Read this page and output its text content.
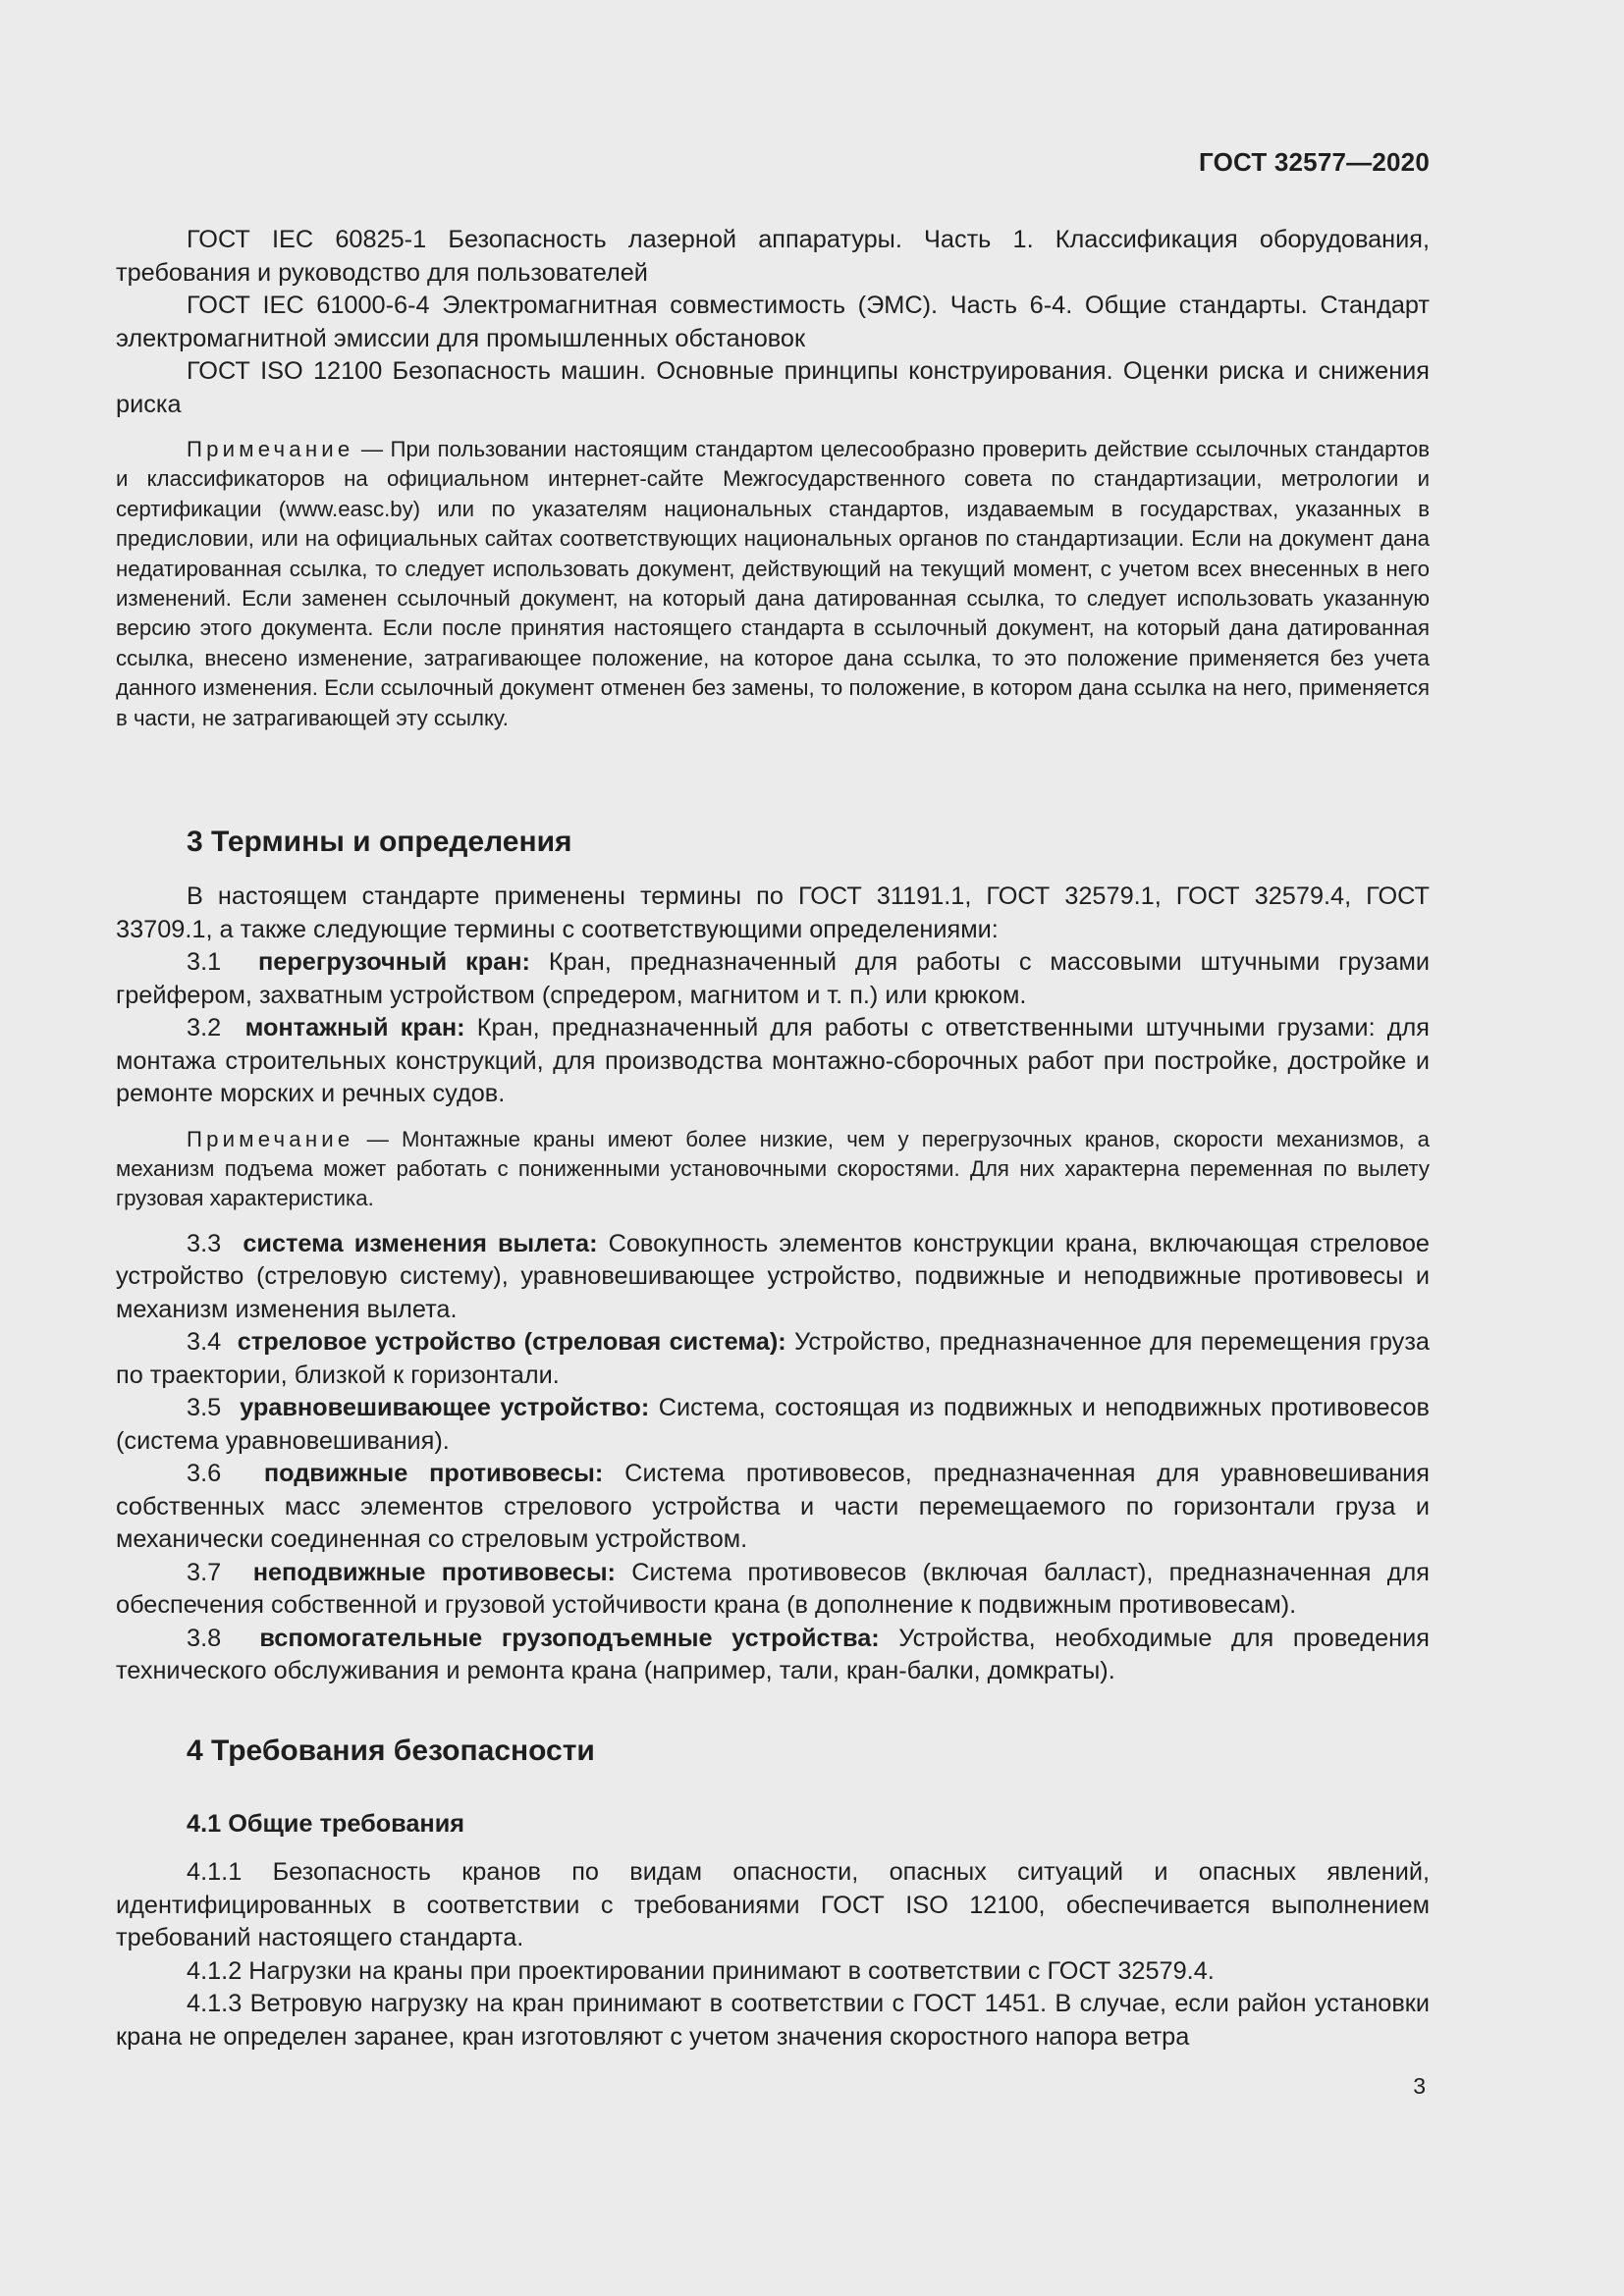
ГОСТ 32577—2020

ГОСТ IEC 60825-1 Безопасность лазерной аппаратуры. Часть 1. Классификация оборудования, требования и руководство для пользователей

ГОСТ IEC 61000-6-4 Электромагнитная совместимость (ЭМС). Часть 6-4. Общие стандарты. Стандарт электромагнитной эмиссии для промышленных обстановок

ГОСТ ISO 12100 Безопасность машин. Основные принципы конструирования. Оценки риска и снижения риска

Примечание — При пользовании настоящим стандартом целесообразно проверить действие ссылочных стандартов и классификаторов на официальном интернет-сайте Межгосударственного совета по стандартизации, метрологии и сертификации (www.easc.by) или по указателям национальных стандартов, издаваемым в государствах, указанных в предисловии, или на официальных сайтах соответствующих национальных органов по стандартизации. Если на документ дана недатированная ссылка, то следует использовать документ, действующий на текущий момент, с учетом всех внесенных в него изменений. Если заменен ссылочный документ, на который дана датированная ссылка, то следует использовать указанную версию этого документа. Если после принятия настоящего стандарта в ссылочный документ, на который дана датированная ссылка, внесено изменение, затрагивающее положение, на которое дана ссылка, то это положение применяется без учета данного изменения. Если ссылочный документ отменен без замены, то положение, в котором дана ссылка на него, применяется в части, не затрагивающей эту ссылку.

3 Термины и определения

В настоящем стандарте применены термины по ГОСТ 31191.1, ГОСТ 32579.1, ГОСТ 32579.4, ГОСТ 33709.1, а также следующие термины с соответствующими определениями:

3.1 перегрузочный кран: Кран, предназначенный для работы с массовыми штучными грузами грейфером, захватным устройством (спредером, магнитом и т. п.) или крюком.

3.2 монтажный кран: Кран, предназначенный для работы с ответственными штучными грузами: для монтажа строительных конструкций, для производства монтажно-сборочных работ при постройке, достройке и ремонте морских и речных судов.

Примечание — Монтажные краны имеют более низкие, чем у перегрузочных кранов, скорости механизмов, а механизм подъема может работать с пониженными установочными скоростями. Для них характерна переменная по вылету грузовая характеристика.

3.3 система изменения вылета: Совокупность элементов конструкции крана, включающая стреловое устройство (стреловую систему), уравновешивающее устройство, подвижные и неподвижные противовесы и механизм изменения вылета.

3.4 стреловое устройство (стреловая система): Устройство, предназначенное для перемещения груза по траектории, близкой к горизонтали.

3.5 уравновешивающее устройство: Система, состоящая из подвижных и неподвижных противовесов (система уравновешивания).

3.6 подвижные противовесы: Система противовесов, предназначенная для уравновешивания собственных масс элементов стрелового устройства и части перемещаемого по горизонтали груза и механически соединенная со стреловым устройством.

3.7 неподвижные противовесы: Система противовесов (включая балласт), предназначенная для обеспечения собственной и грузовой устойчивости крана (в дополнение к подвижным противовесам).

3.8 вспомогательные грузоподъемные устройства: Устройства, необходимые для проведения технического обслуживания и ремонта крана (например, тали, кран-балки, домкраты).

4 Требования безопасности
4.1 Общие требования

4.1.1 Безопасность кранов по видам опасности, опасных ситуаций и опасных явлений, идентифицированных в соответствии с требованиями ГОСТ ISO 12100, обеспечивается выполнением требований настоящего стандарта.

4.1.2 Нагрузки на краны при проектировании принимают в соответствии с ГОСТ 32579.4.

4.1.3 Ветровую нагрузку на кран принимают в соответствии с ГОСТ 1451. В случае, если район установки крана не определен заранее, кран изготовляют с учетом значения скоростного напора ветра

3
